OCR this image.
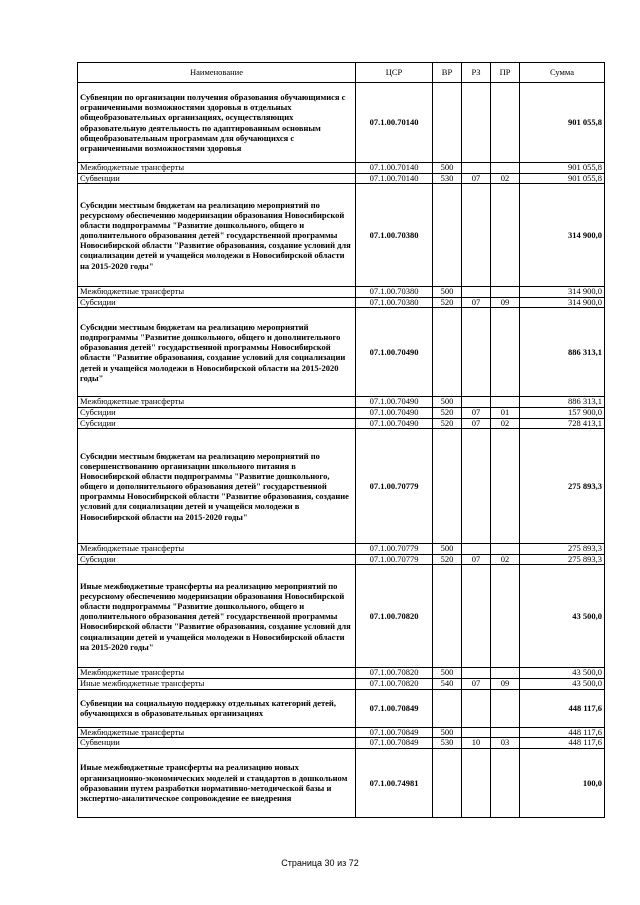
Наименование	ЦСР	ВР	РЗ	ПР	Сумма
Субвенции по организации получения образования обучающимися с ограниченными возможностями здоровья в отдельных общеобразовательных организациях, осуществляющих образовательную деятельность по адаптированным основным общеобразовательным программам для обучающихся с ограниченными возможностями здоровья	07.1.00.70140				901 055,8
Межбюджетные трансферты	07.1.00.70140	500			901 055,8
Субвенции	07.1.00.70140	530	07	02	901 055,8
Субсидии местным бюджетам на реализацию мероприятий по ресурсному обеспечению модернизации образования Новосибирской области подпрограммы "Развитие дошкольного, общего и дополнительного образования детей" государственной программы Новосибирской области "Развитие образования, создание условий для социализации детей и учащейся молодежи в Новосибирской области на 2015-2020 годы"	07.1.00.70380				314 900,0
Межбюджетные трансферты	07.1.00.70380	500			314 900,0
Субсидии	07.1.00.70380	520	07	09	314 900,0
Субсидии местным бюджетам на реализацию мероприятий подпрограммы "Развитие дошкольного, общего и дополнительного образования детей" государственной программы Новосибирской области "Развитие образования, создание условий для социализации детей и учащейся молодежи в Новосибирской области на 2015-2020 годы"	07.1.00.70490				886 313,1
Межбюджетные трансферты	07.1.00.70490	500			886 313,1
Субсидии	07.1.00.70490	520	07	01	157 900,0
Субсидии	07.1.00.70490	520	07	02	728 413,1
Субсидии местным бюджетам на реализацию мероприятий по совершенствованию организации школьного питания в Новосибирской области подпрограммы "Развитие дошкольного, общего и дополнительного образования детей" государственной программы Новосибирской области "Развитие образования, создание условий для социализации детей и учащейся молодежи в Новосибирской области на 2015-2020 годы"	07.1.00.70779				275 893,3
Межбюджетные трансферты	07.1.00.70779	500			275 893,3
Субсидии	07.1.00.70779	520	07	02	275 893,3
Иные межбюджетные трансферты на реализацию мероприятий по ресурсному обеспечению модернизации образования Новосибирской области подпрограммы "Развитие дошкольного, общего и дополнительного образования детей" государственной программы Новосибирской области "Развитие образования, создание условий для социализации детей и учащейся молодежи в Новосибирской области на 2015-2020 годы"	07.1.00.70820				43 500,0
Межбюджетные трансферты	07.1.00.70820	500			43 500,0
Иные межбюджетные трансферты	07.1.00.70820	540	07	09	43 500,0
Субвенции на социальную поддержку отдельных категорий детей, обучающихся в образовательных организациях	07.1.00.70849				448 117,6
Межбюджетные трансферты	07.1.00.70849	500			448 117,6
Субвенции	07.1.00.70849	530	10	03	448 117,6
Иные межбюджетные трансферты на реализацию новых организационно-экономических моделей и стандартов в дошкольном образовании путем разработки нормативно-методической базы и экспертно-аналитическое сопровождение ее внедрения	07.1.00.74981				100,0
Страница 30 из 72
